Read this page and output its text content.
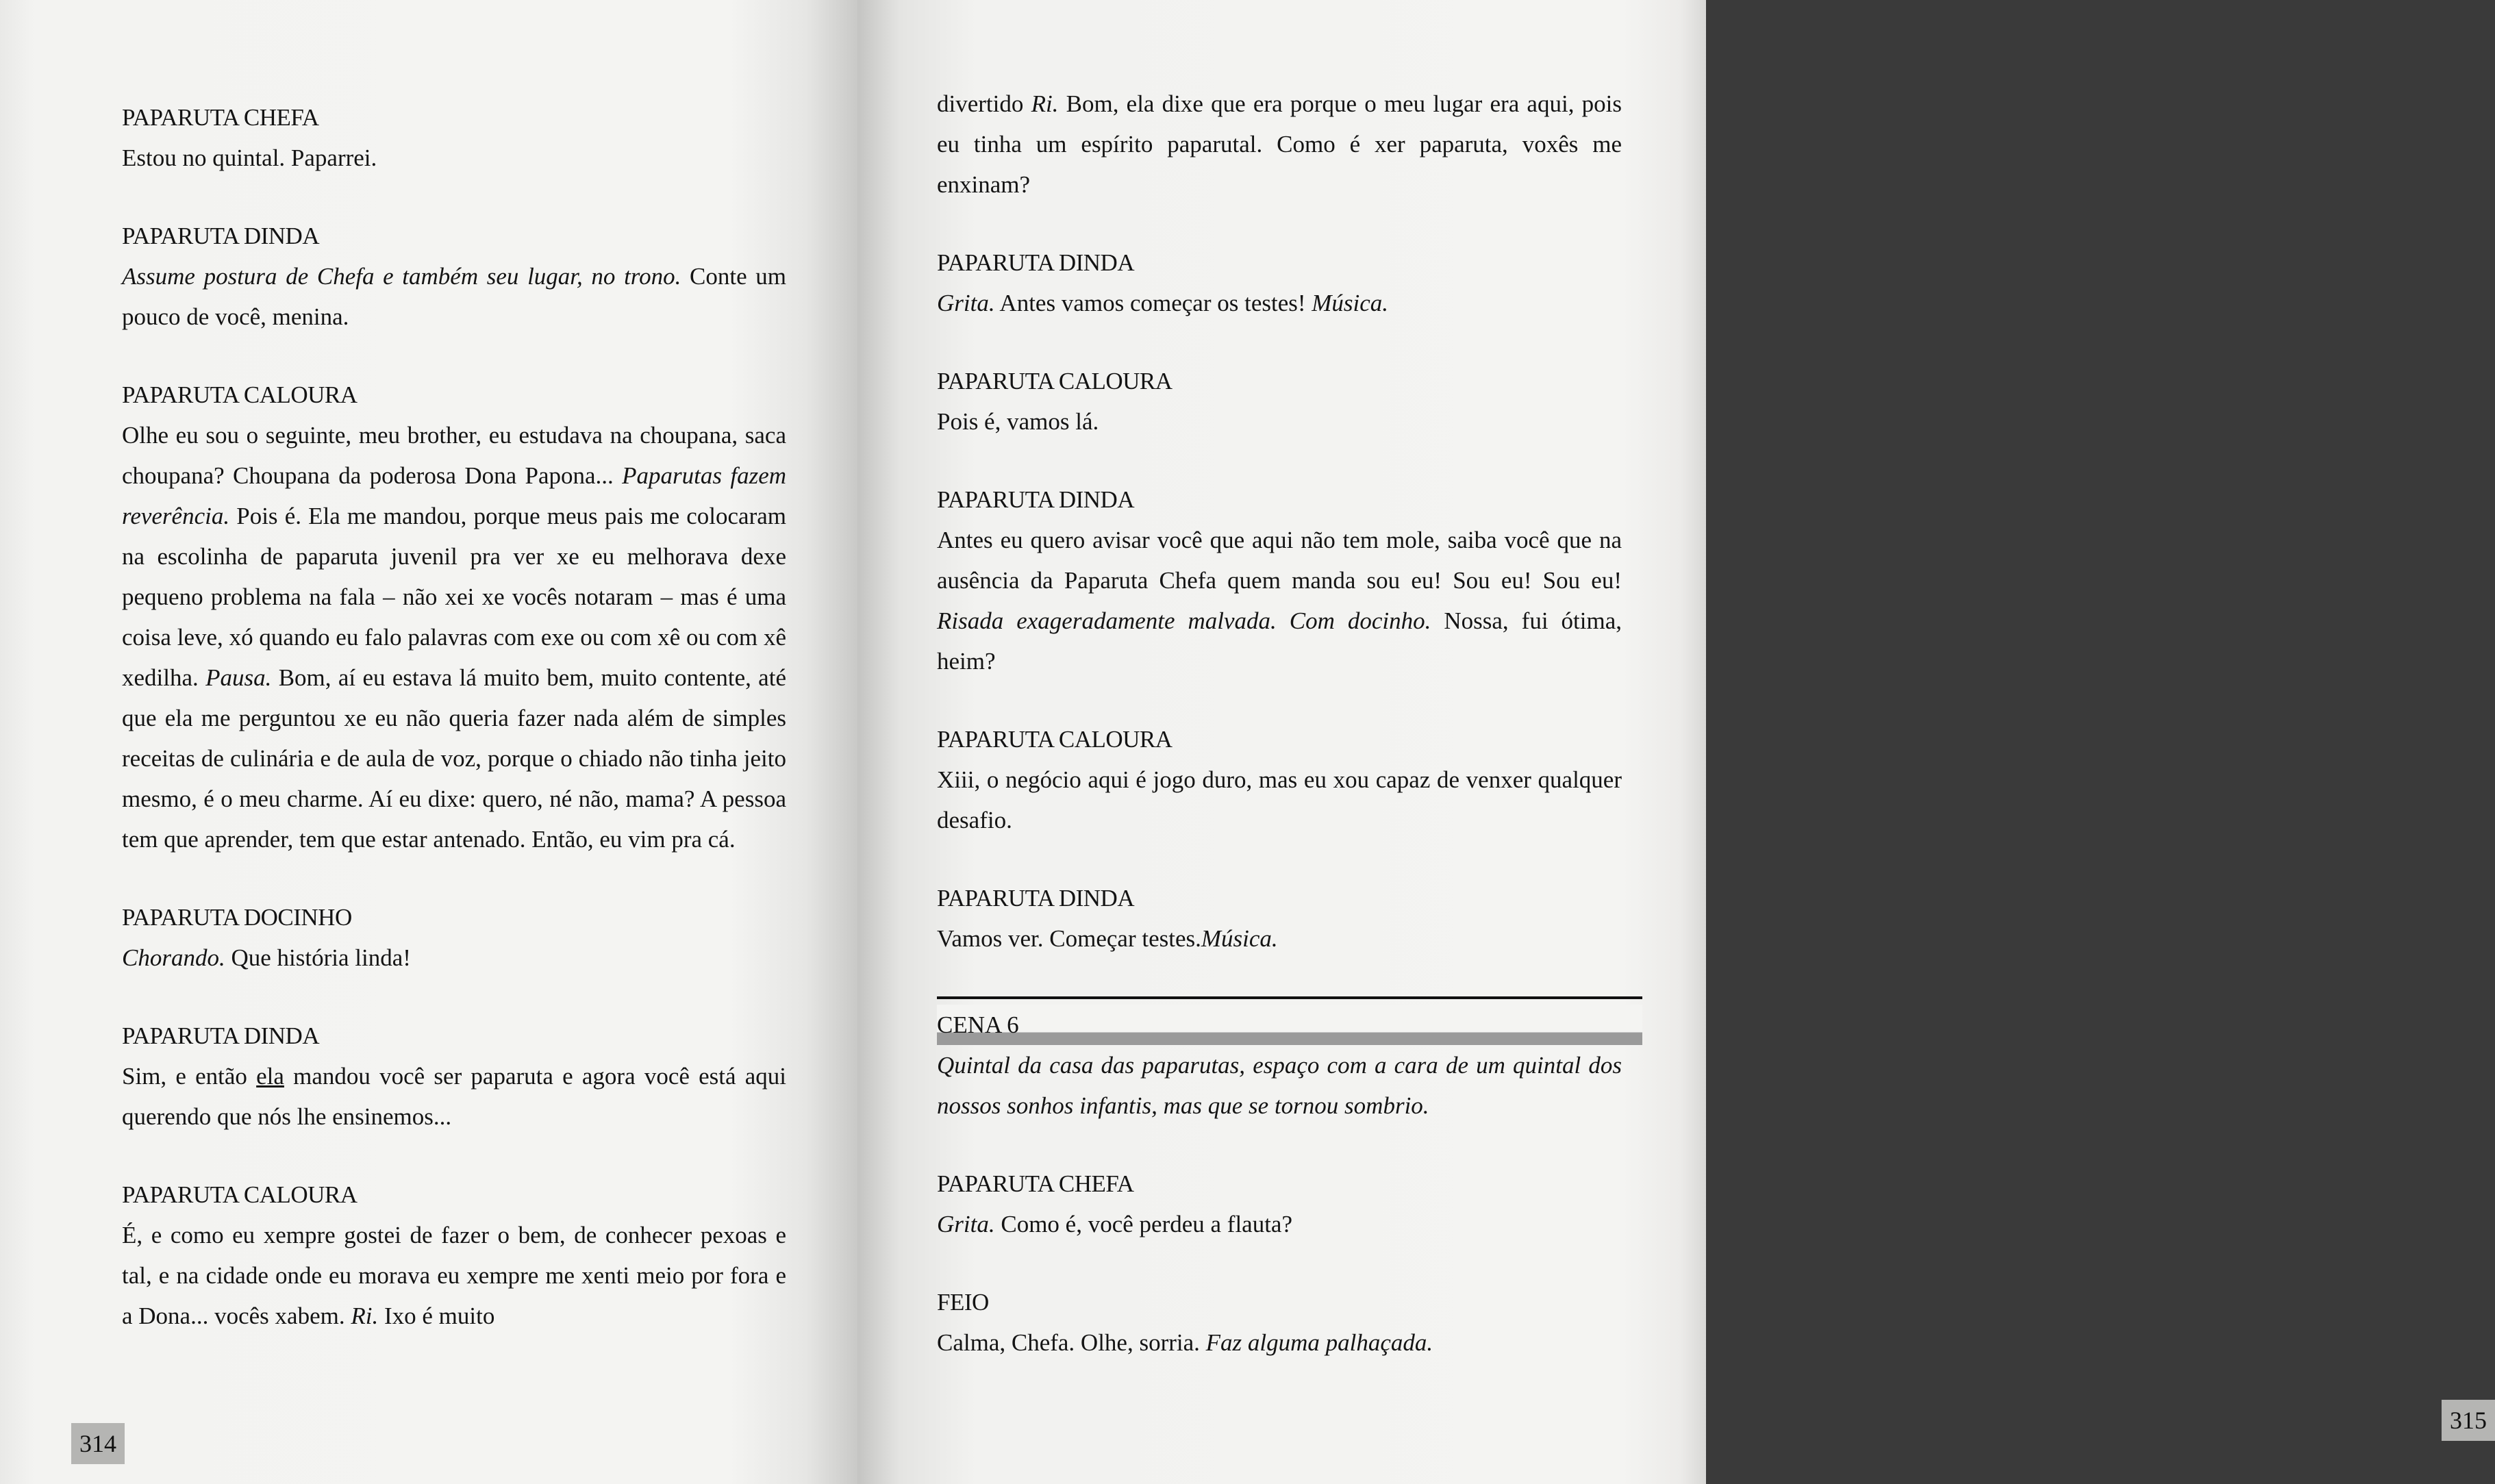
PAPARUTA CHEFA
Estou no quintal. Paparrei.
PAPARUTA DINDA
Assume postura de Chefa e também seu lugar, no trono. Conte um pouco de você, menina.
PAPARUTA CALOURA
Olhe eu sou o seguinte, meu brother, eu estudava na choupana, saca choupana? Choupana da poderosa Dona Papona... Paparutas fazem reverência. Pois é. Ela me mandou, porque meus pais me colocaram na escolinha de paparuta juvenil pra ver xe eu melhorava dexe pequeno problema na fala – não xei xe vocês notaram – mas é uma coisa leve, xó quando eu falo palavras com exe ou com xê ou com xê xedilha. Pausa. Bom, aí eu estava lá muito bem, muito contente, até que ela me perguntou xe eu não queria fazer nada além de simples receitas de culinária e de aula de voz, porque o chiado não tinha jeito mesmo, é o meu charme. Aí eu dixe: quero, né não, mama? A pessoa tem que aprender, tem que estar antenado. Então, eu vim pra cá.
PAPARUTA DOCINHO
Chorando. Que história linda!
PAPARUTA DINDA
Sim, e então ela mandou você ser paparuta e agora você está aqui querendo que nós lhe ensinemos...
PAPARUTA CALOURA
É, e como eu xempre gostei de fazer o bem, de conhecer pexoas e tal, e na cidade onde eu morava eu xempre me xenti meio por fora e a Dona... vocês xabem. Ri. Ixo é muito
314
divertido Ri. Bom, ela dixe que era porque o meu lugar era aqui, pois eu tinha um espírito paparutal. Como é xer paparuta, voxês me enxinam?
PAPARUTA DINDA
Grita. Antes vamos começar os testes! Música.
PAPARUTA CALOURA
Pois é, vamos lá.
PAPARUTA DINDA
Antes eu quero avisar você que aqui não tem mole, saiba você que na ausência da Paparuta Chefa quem manda sou eu! Sou eu! Sou eu! Risada exageradamente malvada. Com docinho. Nossa, fui ótima, heim?
PAPARUTA CALOURA
Xiii, o negócio aqui é jogo duro, mas eu xou capaz de venxer qualquer desafio.
PAPARUTA DINDA
Vamos ver. Começar testes.Música.
CENA 6
Quintal da casa das paparutas, espaço com a cara de um quintal dos nossos sonhos infantis, mas que se tornou sombrio.
PAPARUTA CHEFA
Grita. Como é, você perdeu a flauta?
FEIO
Calma, Chefa. Olhe, sorria. Faz alguma palhaçada.
315
